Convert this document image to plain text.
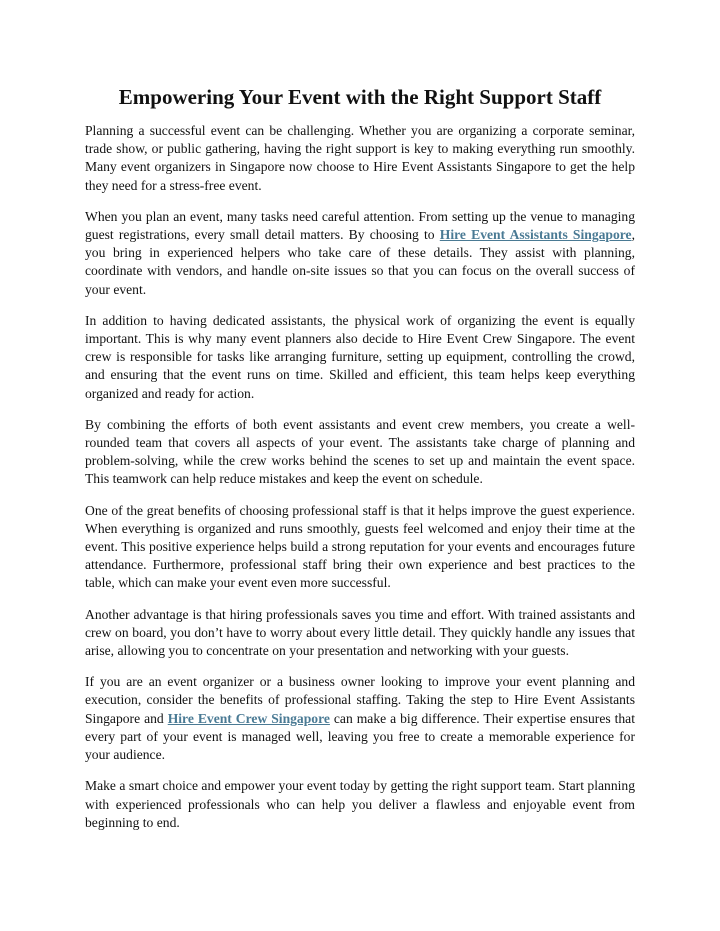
Empowering Your Event with the Right Support Staff

Planning a successful event can be challenging. Whether you are organizing a corporate seminar, trade show, or public gathering, having the right support is key to making everything run smoothly. Many event organizers in Singapore now choose to Hire Event Assistants Singapore to get the help they need for a stress-free event.

When you plan an event, many tasks need careful attention. From setting up the venue to managing guest registrations, every small detail matters. By choosing to Hire Event Assistants Singapore, you bring in experienced helpers who take care of these details. They assist with planning, coordinate with vendors, and handle on-site issues so that you can focus on the overall success of your event.

In addition to having dedicated assistants, the physical work of organizing the event is equally important. This is why many event planners also decide to Hire Event Crew Singapore. The event crew is responsible for tasks like arranging furniture, setting up equipment, controlling the crowd, and ensuring that the event runs on time. Skilled and efficient, this team helps keep everything organized and ready for action.

By combining the efforts of both event assistants and event crew members, you create a well-rounded team that covers all aspects of your event. The assistants take charge of planning and problem-solving, while the crew works behind the scenes to set up and maintain the event space. This teamwork can help reduce mistakes and keep the event on schedule.

One of the great benefits of choosing professional staff is that it helps improve the guest experience. When everything is organized and runs smoothly, guests feel welcomed and enjoy their time at the event. This positive experience helps build a strong reputation for your events and encourages future attendance. Furthermore, professional staff bring their own experience and best practices to the table, which can make your event even more successful.

Another advantage is that hiring professionals saves you time and effort. With trained assistants and crew on board, you don’t have to worry about every little detail. They quickly handle any issues that arise, allowing you to concentrate on your presentation and networking with your guests.

If you are an event organizer or a business owner looking to improve your event planning and execution, consider the benefits of professional staffing. Taking the step to Hire Event Assistants Singapore and Hire Event Crew Singapore can make a big difference. Their expertise ensures that every part of your event is managed well, leaving you free to create a memorable experience for your audience.

Make a smart choice and empower your event today by getting the right support team. Start planning with experienced professionals who can help you deliver a flawless and enjoyable event from beginning to end.
